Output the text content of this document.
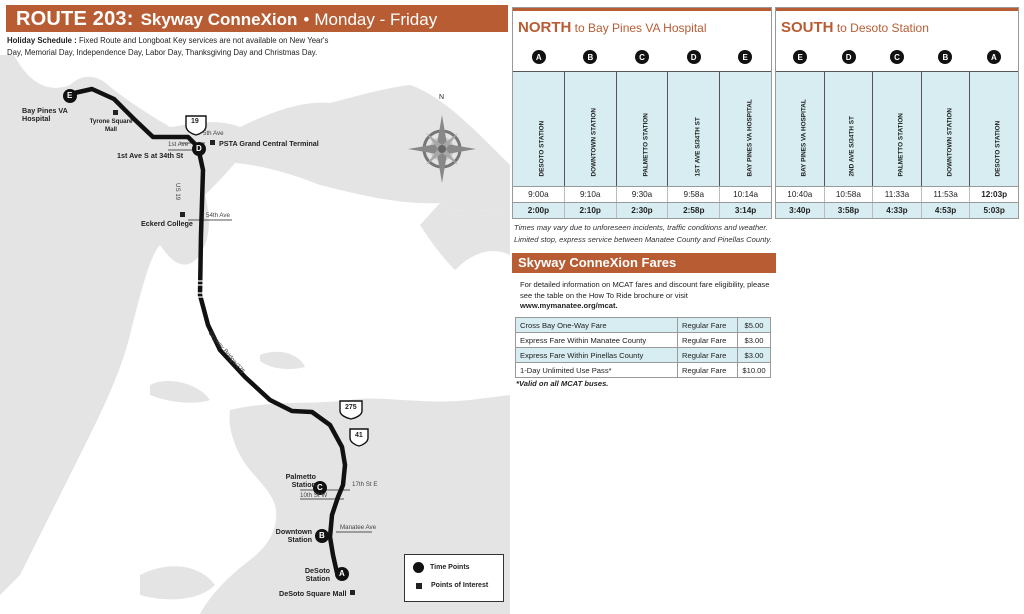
ROUTE 203: Skyway ConneXion • Monday - Friday
Holiday Schedule : Fixed Route and Longboat Key services are not available on New Year's Day, Memorial Day, Independence Day, Labor Day, Thanksgiving Day and Christmas Day.
E
D
C
B
A
Bay Pines VA Hospital
1st Ave S at 34th St
Palmetto Station
Downtown Station
DeSoto Station
Tyrone Square Mall
PSTA Grand Central Terminal
Eckerd College
DeSoto Square Mall
5th Ave
1st Ave
US 19
54th Ave
Skyway Bridge/275
17th St E
10th St W
Manatee Ave
19
275
41
N
Time Points
Points of Interest
NORTH to Bay Pines VA Hospital
A	B	C	D	E
DESOTO STATION	DOWNTOWN STATION	PALMETTO STATION	1ST AVE S/34TH ST	BAY PINES VA HOSPITAL
9:00a	9:10a	9:30a	9:58a	10:14a
2:00p	2:10p	2:30p	2:58p	3:14p
SOUTH to Desoto Station
E	D	C	B	A
BAY PINES VA HOSPITAL	2ND AVE S/34TH ST	PALMETTO STATION	DOWNTOWN STATION	DESOTO STATION
10:40a	10:58a	11:33a	11:53a	12:03p
3:40p	3:58p	4:33p	4:53p	5:03p
Times may vary due to unforeseen incidents, traffic conditions and weather.
Limited stop, express service between Manatee County and Pinellas County.
Skyway ConneXion Fares
For detailed information on MCAT fares and discount fare eligibility, please see the table on the How To Ride brochure or visit www.mymanatee.org/mcat.
Cross Bay One-Way Fare	Regular Fare	$5.00
Express Fare Within Manatee County	Regular Fare	$3.00
Express Fare Within Pinellas County	Regular Fare	$3.00
1-Day Unlimited Use Pass*	Regular Fare	$10.00
*Valid on all MCAT buses.
